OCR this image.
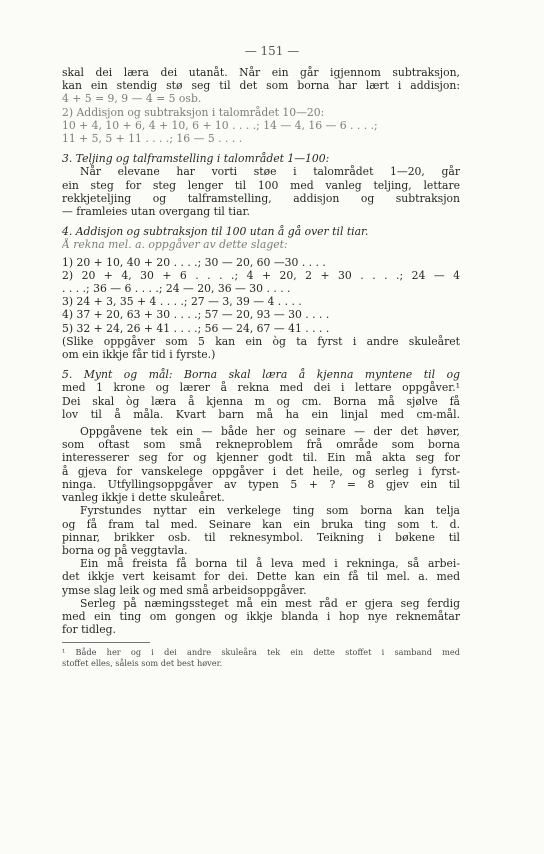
— 151 —
skal dei læra dei utanåt. Når ein går igjennom subtraksjon,
kan ein stendig stø seg til det som borna har lært i addisjon:
4 + 5 = 9, 9 — 4 = 5 osb.
2) Addisjon og subtraksjon i talområdet 10—20:
10 + 4, 10 + 6, 4 + 10, 6 + 10 . . . .; 14 — 4, 16 — 6 . . . .;
11 + 5, 5 + 11 . . . .; 16 — 5 . . . .
3. Teljing og talframstelling i talområdet 1—100:
Når elevane har vorti støe i talområdet 1—20, går
ein steg for steg lenger til 100 med vanleg teljing, lettare
rekkjeteljing og talframstelling, addisjon og subtraksjon
— framleies utan overgang til tiar.
4. Addisjon og subtraksjon til 100 utan å gå over til tiar.
Å rekna mel. a. oppgåver av dette slaget:
1) 20 + 10, 40 + 20 . . . .; 30 — 20, 60 —30 . . . .
2) 20 + 4, 30 + 6 . . . .; 4 + 20, 2 + 30 . . . .; 24 — 4
. . . .; 36 — 6 . . . .; 24 — 20, 36 — 30 . . . .
3) 24 + 3, 35 + 4 . . . .; 27 — 3, 39 — 4 . . . .
4) 37 + 20, 63 + 30 . . . .; 57 — 20, 93 — 30 . . . .
5) 32 + 24, 26 + 41 . . . .; 56 — 24, 67 — 41 . . . .
(Slike oppgåver som 5 kan ein òg ta fyrst i andre skuleåret
om ein ikkje får tid i fyrste.)
5. Mynt og mål: Borna skal læra å kjenna myntene til og
med 1 krone og lærer å rekna med dei i lettare oppgåver.¹
Dei skal òg læra å kjenna m og cm. Borna må sjølve få
lov til å måla. Kvart barn må ha ein linjal med cm-mål.
Oppgåvene tek ein — både her og seinare — der det høver,
som oftast som små rekneproblem frå område som borna
interesserer seg for og kjenner godt til. Ein må akta seg for
å gjeva for vanskelege oppgåver i det heile, og serleg i fyrst-
ninga. Utfyllingsoppgåver av typen 5 + ? = 8 gjev ein til
vanleg ikkje i dette skuleåret.
Fyrstundes nyttar ein verkelege ting som borna kan telja
og få fram tal med. Seinare kan ein bruka ting som t. d.
pinnar, brikker osb. til reknesymbol. Teikning i bøkene til
borna og på veggtavla.
Ein må freista få borna til å leva med i rekninga, så arbei-
det ikkje vert keisamt for dei. Dette kan ein få til mel. a. med
ymse slag leik og med små arbeidsoppgåver.
Serleg på næmingssteget må ein mest råd er gjera seg ferdig
med ein ting om gongen og ikkje blanda i hop nye reknemåtar
for tidleg.
¹ Både her og i dei andre skuleåra tek ein dette stoffet i samband med
stoffet elles, såleis som det best høver.
